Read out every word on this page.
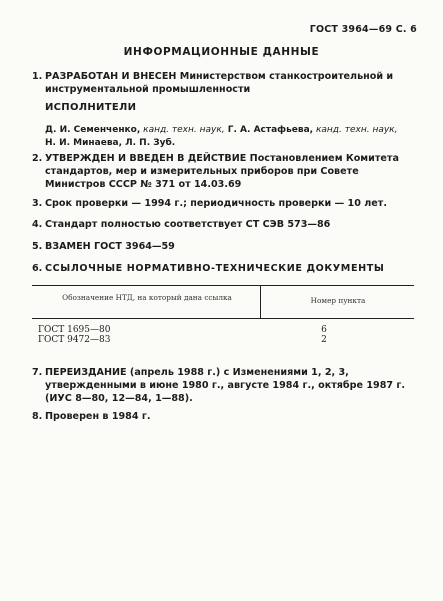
ГОСТ 3964—69 С. 6
ИНФОРМАЦИОННЫЕ ДАННЫЕ
1. РАЗРАБОТАН И ВНЕСЕН Министерством станкостроительной и инструментальной промышленности
ИСПОЛНИТЕЛИ
Д. И. Семенченко, канд. техн. наук, Г. А. Астафьева, канд. техн. наук,
Н. И. Минаева, Л. П. Зуб.
2. УТВЕРЖДЕН И ВВЕДЕН В ДЕЙСТВИЕ Постановлением Комитета стандартов, мер и измерительных приборов при Совете Министров СССР № 371 от 14.03.69
3. Срок проверки — 1994 г.; периодичность проверки — 10 лет.
4. Стандарт полностью соответствует СТ СЭВ 573—86
5. ВЗАМЕН ГОСТ 3964—59
6. ССЫЛОЧНЫЕ НОРМАТИВНО-ТЕХНИЧЕСКИЕ ДОКУМЕНТЫ
Обозначение НТД, на который дана ссылка	Номер пункта
ГОСТ 1695—80	6
ГОСТ 9472—83	2
7. ПЕРЕИЗДАНИЕ (апрель 1988 г.) с Изменениями 1, 2, 3, утвержденными в июне 1980 г., августе 1984 г., октябре 1987 г. (ИУС 8—80, 12—84, 1—88).
8. Проверен в 1984 г.
